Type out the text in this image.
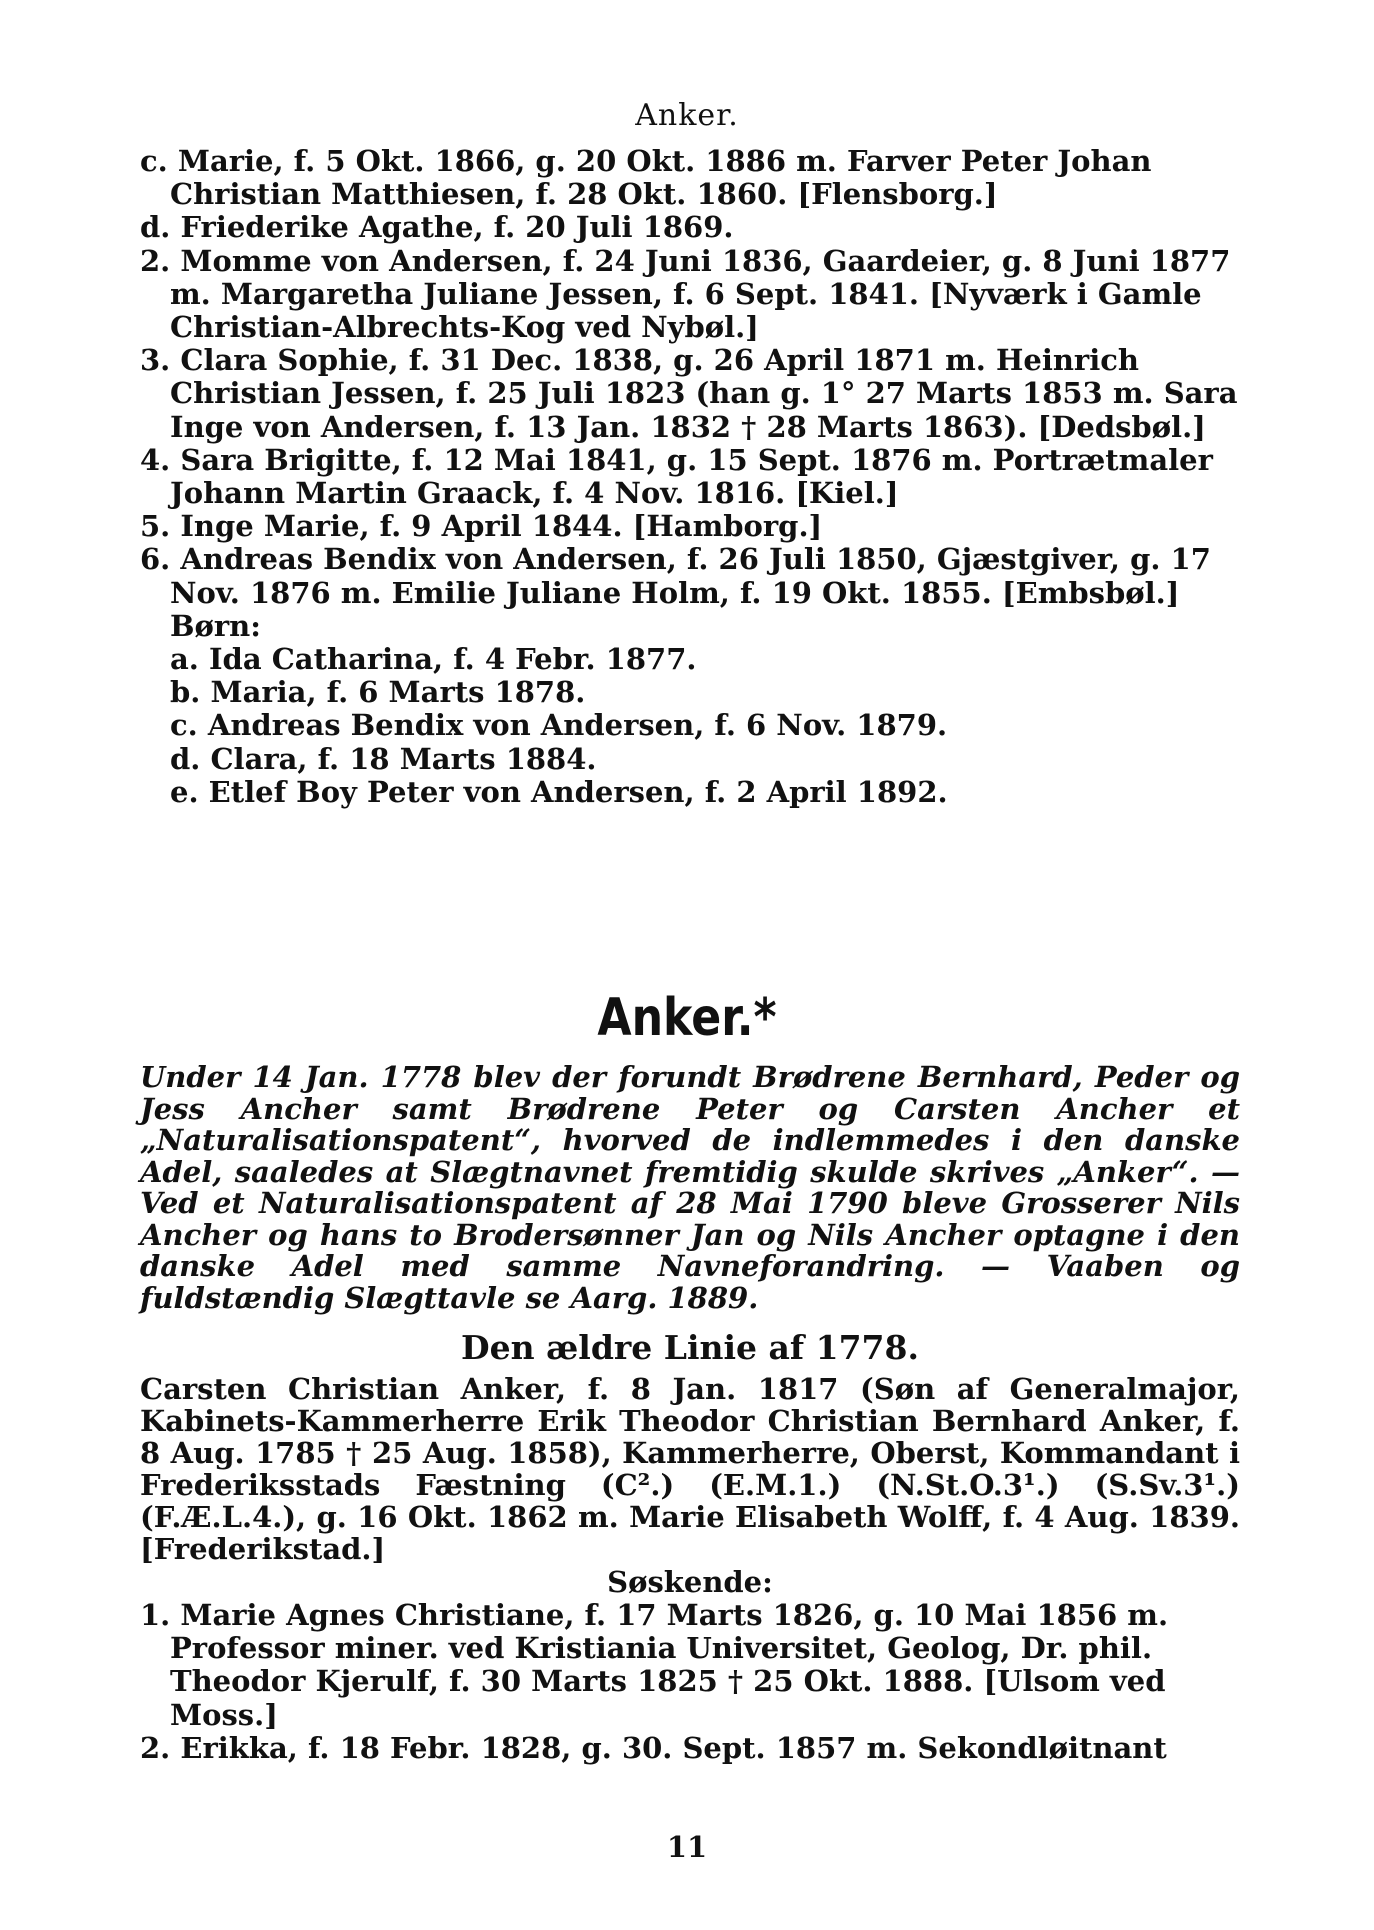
Anker.

c. Marie, f. 5 Okt. 1866, g. 20 Okt. 1886 m. Farver Peter Johan Christian Matthiesen, f. 28 Okt. 1860. [Flensborg.]

d. Friederike Agathe, f. 20 Juli 1869.

2. Momme von Andersen, f. 24 Juni 1836, Gaardeier, g. 8 Juni 1877 m. Margaretha Juliane Jessen, f. 6 Sept. 1841. [Nyværk i Gamle Christian-Albrechts-Kog ved Nybøl.]

3. Clara Sophie, f. 31 Dec. 1838, g. 26 April 1871 m. Heinrich Christian Jessen, f. 25 Juli 1823 (han g. 1° 27 Marts 1853 m. Sara Inge von Andersen, f. 13 Jan. 1832 † 28 Marts 1863). [Dedsbøl.]

4. Sara Brigitte, f. 12 Mai 1841, g. 15 Sept. 1876 m. Portrætmaler Johann Martin Graack, f. 4 Nov. 1816. [Kiel.]

5. Inge Marie, f. 9 April 1844. [Hamborg.]

6. Andreas Bendix von Andersen, f. 26 Juli 1850, Gjæstgiver, g. 17 Nov. 1876 m. Emilie Juliane Holm, f. 19 Okt. 1855. [Embsbøl.] Børn:

a. Ida Catharina, f. 4 Febr. 1877.

b. Maria, f. 6 Marts 1878.

c. Andreas Bendix von Andersen, f. 6 Nov. 1879.

d. Clara, f. 18 Marts 1884.

e. Etlef Boy Peter von Andersen, f. 2 April 1892.

Anker.*

Under 14 Jan. 1778 blev der forundt Brødrene Bernhard, Peder og Jess Ancher samt Brødrene Peter og Carsten Ancher et „Naturalisationspatent“, hvorved de indlemmedes i den danske Adel, saaledes at Slægtnavnet fremtidig skulde skrives „Anker“. — Ved et Naturalisationspatent af 28 Mai 1790 bleve Grosserer Nils Ancher og hans to Brodersønner Jan og Nils Ancher optagne i den danske Adel med samme Navneforandring. — Vaaben og fuldstændig Slægttavle se Aarg. 1889.

Den ældre Linie af 1778.

Carsten Christian Anker, f. 8 Jan. 1817 (Søn af Generalmajor, Kabinets-Kammerherre Erik Theodor Christian Bernhard Anker, f. 8 Aug. 1785 † 25 Aug. 1858), Kammerherre, Oberst, Kommandant i Frederiksstads Fæstning (C².) (E.M.1.) (N.St.O.3¹.) (S.Sv.3¹.) (F.Æ.L.4.), g. 16 Okt. 1862 m. Marie Elisabeth Wolff, f. 4 Aug. 1839. [Frederikstad.]

Søskende:

1. Marie Agnes Christiane, f. 17 Marts 1826, g. 10 Mai 1856 m. Professor miner. ved Kristiania Universitet, Geolog, Dr. phil. Theodor Kjerulf, f. 30 Marts 1825 † 25 Okt. 1888. [Ulsom ved Moss.]

2. Erikka, f. 18 Febr. 1828, g. 30. Sept. 1857 m. Sekondløitnant

11
